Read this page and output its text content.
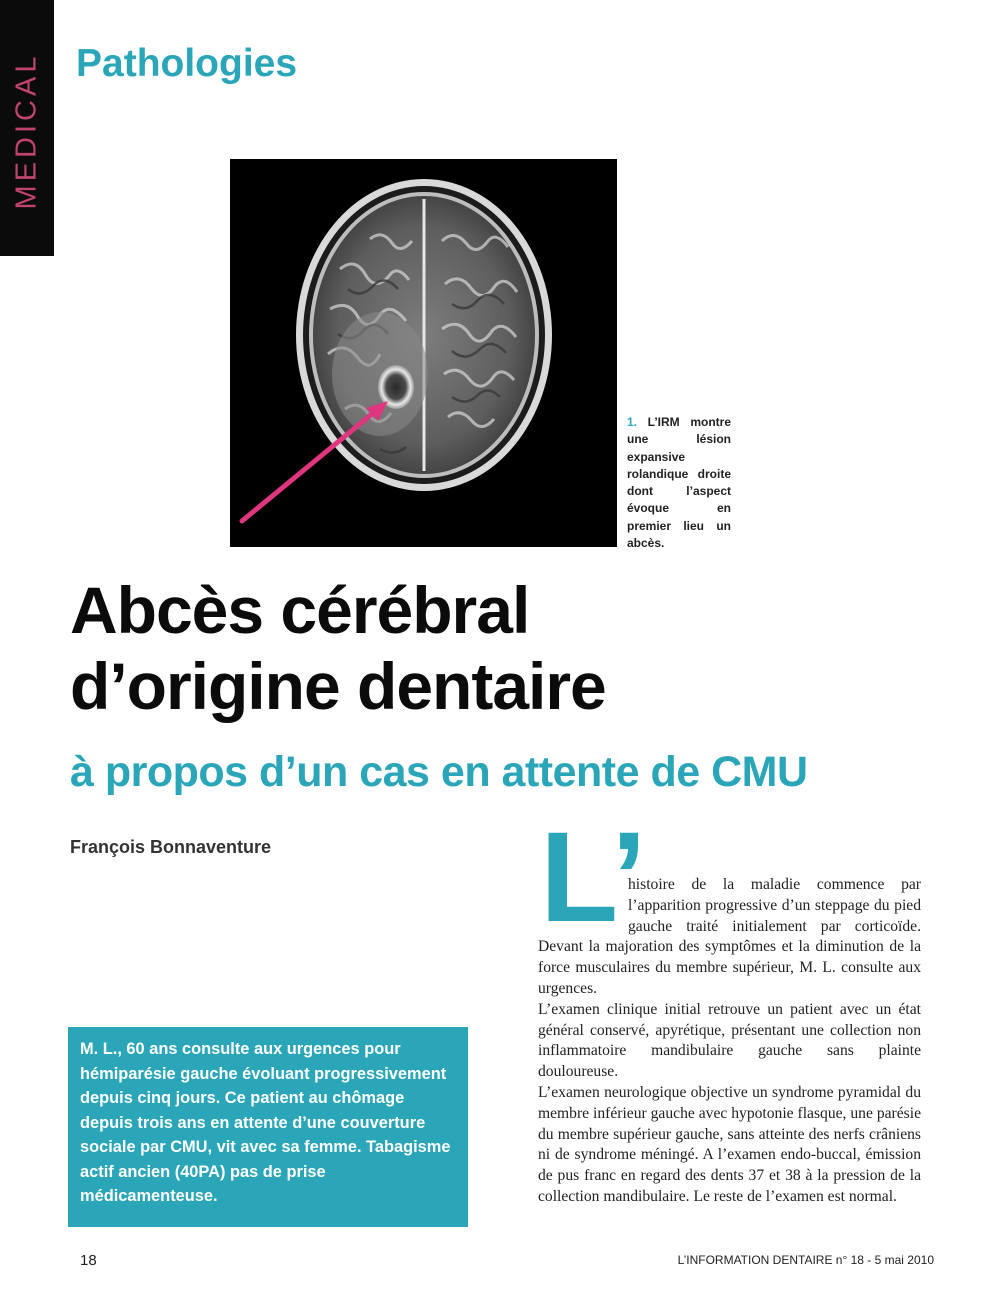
MEDICAL Pathologies
1. L’IRM montre une lésion expansive rolandique droite dont l’aspect évoque en premier lieu un abcès.
Abcès cérébral
d’origine dentaire
à propos d’un cas en attente de CMU
François Bonnaventure

M. L., 60 ans consulte aux urgences pour hémiparésie gauche évoluant progressivement depuis cinq jours. Ce patient au chômage depuis trois ans en attente d’une couverture sociale par CMU, vit avec sa femme. Tabagisme actif ancien (40PA) pas de prise médicamenteuse.

L’

histoire de la maladie commence par l’apparition progressive d’un steppage du pied gauche traité initialement par corticoïde. Devant la majoration des symptômes et la diminution de la force musculaires du membre supérieur, M. L. consulte aux urgences.

L’examen clinique initial retrouve un patient avec un état général conservé, apyrétique, présentant une collection non inflammatoire mandibulaire gauche sans plainte douloureuse.

L’examen neurologique objective un syndrome pyramidal du membre inférieur gauche avec hypotonie flasque, une parésie du membre supérieur gauche, sans atteinte des nerfs crâniens ni de syndrome méningé. A l’examen endo-buccal, émission de pus franc en regard des dents 37 et 38 à la pression de la collection mandibulaire. Le reste de l’examen est normal.

18	L’INFORMATION DENTAIRE n° 18 - 5 mai 2010
